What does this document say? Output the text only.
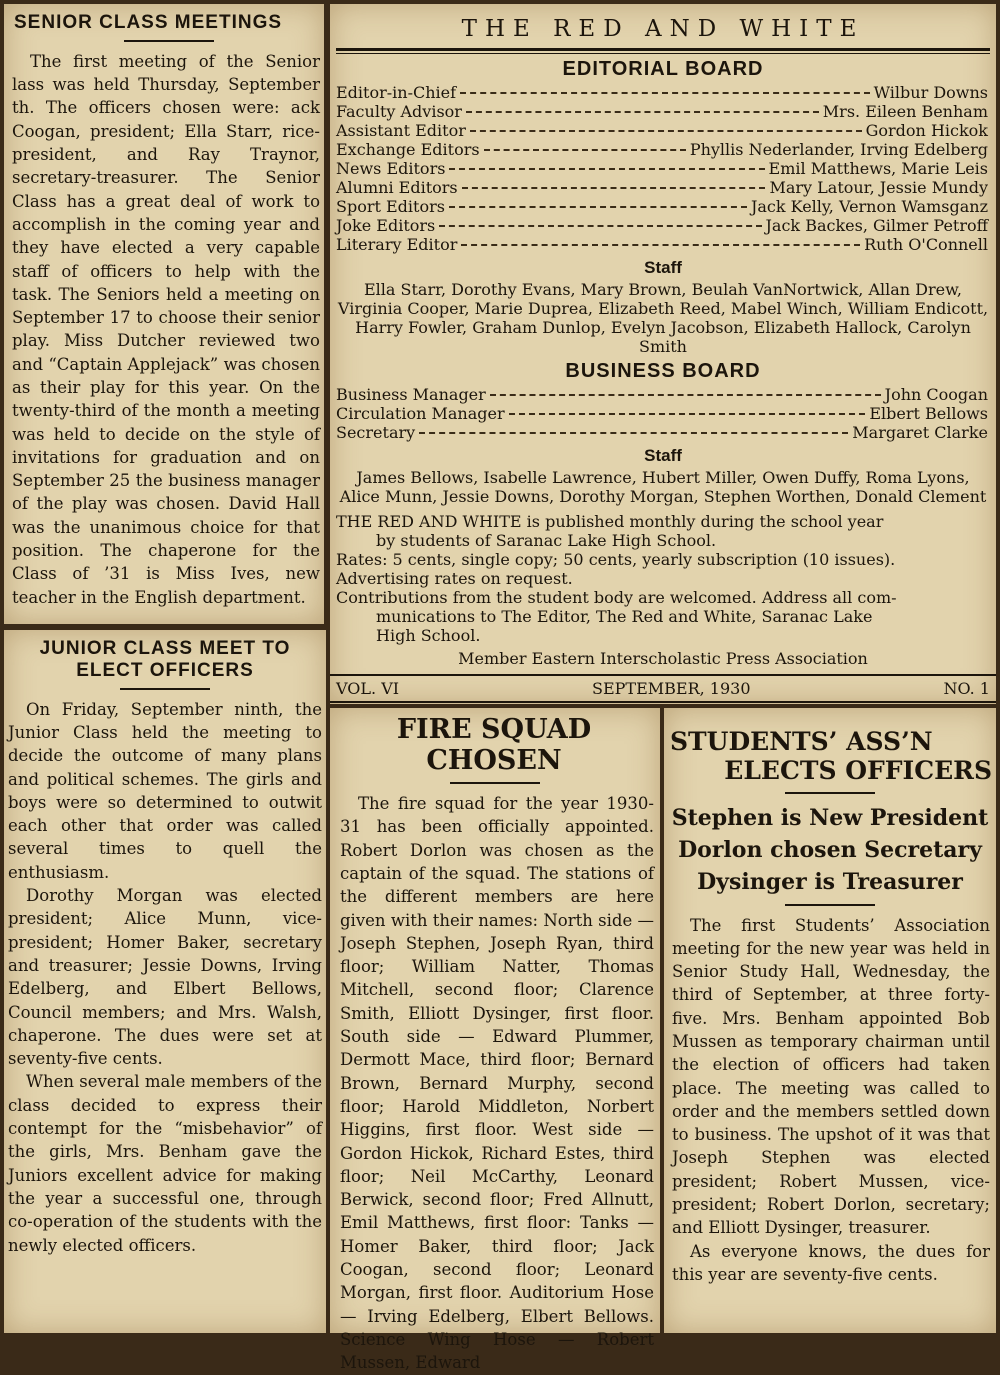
SENIOR CLASS MEETINGS

The first meeting of the Senior lass was held Thursday, September th. The officers chosen were: ack Coogan, president; Ella Starr, rice-president, and Ray Traynor, secretary-treasurer. The Senior Class has a great deal of work to accomplish in the coming year and they have elected a very capable staff of officers to help with the task. The Seniors held a meeting on September 17 to choose their senior play. Miss Dutcher reviewed two and “Captain Applejack” was chosen as their play for this year. On the twenty-third of the month a meeting was held to decide on the style of invitations for graduation and on September 25 the business manager of the play was chosen. David Hall was the unanimous choice for that position. The chaperone for the Class of ’31 is Miss Ives, new teacher in the English department.

JUNIOR CLASS MEET TO ELECT OFFICERS

On Friday, September ninth, the Junior Class held the meeting to decide the outcome of many plans and political schemes. The girls and boys were so determined to outwit each other that order was called several times to quell the enthusiasm.

Dorothy Morgan was elected president; Alice Munn, vice-president; Homer Baker, secretary and treasurer; Jessie Downs, Irving Edelberg, and Elbert Bellows, Council members; and Mrs. Walsh, chaperone. The dues were set at seventy-five cents.

When several male members of the class decided to express their contempt for the “misbehavior” of the girls, Mrs. Benham gave the Juniors excellent advice for making the year a successful one, through co-operation of the students with the newly elected officers.

THE RED AND WHITE
EDITORIAL BOARD
Editor-in-Chief	Wilbur Downs
Faculty Advisor	Mrs. Eileen Benham
Assistant Editor	Gordon Hickok
Exchange Editors	Phyllis Nederlander, Irving Edelberg
News Editors	Emil Matthews, Marie Leis
Alumni Editors	Mary Latour, Jessie Mundy
Sport Editors	Jack Kelly, Vernon Wamsganz
Joke Editors	Jack Backes, Gilmer Petroff
Literary Editor	Ruth O'Connell
Staff

Ella Starr, Dorothy Evans, Mary Brown, Beulah VanNortwick, Allan Drew, Virginia Cooper, Marie Duprea, Elizabeth Reed, Mabel Winch, William Endicott, Harry Fowler, Graham Dunlop, Evelyn Jacobson, Elizabeth Hallock, Carolyn Smith

BUSINESS BOARD
Business Manager	John Coogan
Circulation Manager	Elbert Bellows
Secretary	Margaret Clarke
Staff

James Bellows, Isabelle Lawrence, Hubert Miller, Owen Duffy, Roma Lyons, Alice Munn, Jessie Downs, Dorothy Morgan, Stephen Worthen, Donald Clement

THE RED AND WHITE is published monthly during the school year
by students of Saranac Lake High School.
Rates: 5 cents, single copy; 50 cents, yearly subscription (10 issues).
Advertising rates on request.
Contributions from the student body are welcomed. Address all com-
munications to The Editor, The Red and White, Saranac Lake
High School.
Member Eastern Interscholastic Press Association
VOL. VI	SEPTEMBER, 1930	NO. 1
FIRE SQUAD CHOSEN

The fire squad for the year 1930-31 has been officially appointed. Robert Dorlon was chosen as the captain of the squad. The stations of the different members are here given with their names: North side — Joseph Stephen, Joseph Ryan, third floor; William Natter, Thomas Mitchell, second floor; Clarence Smith, Elliott Dysinger, first floor. South side — Edward Plummer, Dermott Mace, third floor; Bernard Brown, Bernard Murphy, second floor; Harold Middleton, Norbert Higgins, first floor. West side — Gordon Hickok, Richard Estes, third floor; Neil McCarthy, Leonard Berwick, second floor; Fred Allnutt, Emil Matthews, first floor: Tanks — Homer Baker, third floor; Jack Coogan, second floor; Leonard Morgan, first floor. Auditorium Hose — Irving Edelberg, Elbert Bellows. Science Wing Hose — Robert Mussen, Edward

STUDENTS’ ASS’N
ELECTS OFFICERS
Stephen is New President
Dorlon chosen Secretary
Dysinger is Treasurer

The first Students’ Association meeting for the new year was held in Senior Study Hall, Wednesday, the third of September, at three forty-five. Mrs. Benham appointed Bob Mussen as temporary chairman until the election of officers had taken place. The meeting was called to order and the members settled down to business. The upshot of it was that Joseph Stephen was elected president; Robert Mussen, vice-president; Robert Dorlon, secretary; and Elliott Dysinger, treasurer.

As everyone knows, the dues for this year are seventy-five cents.
